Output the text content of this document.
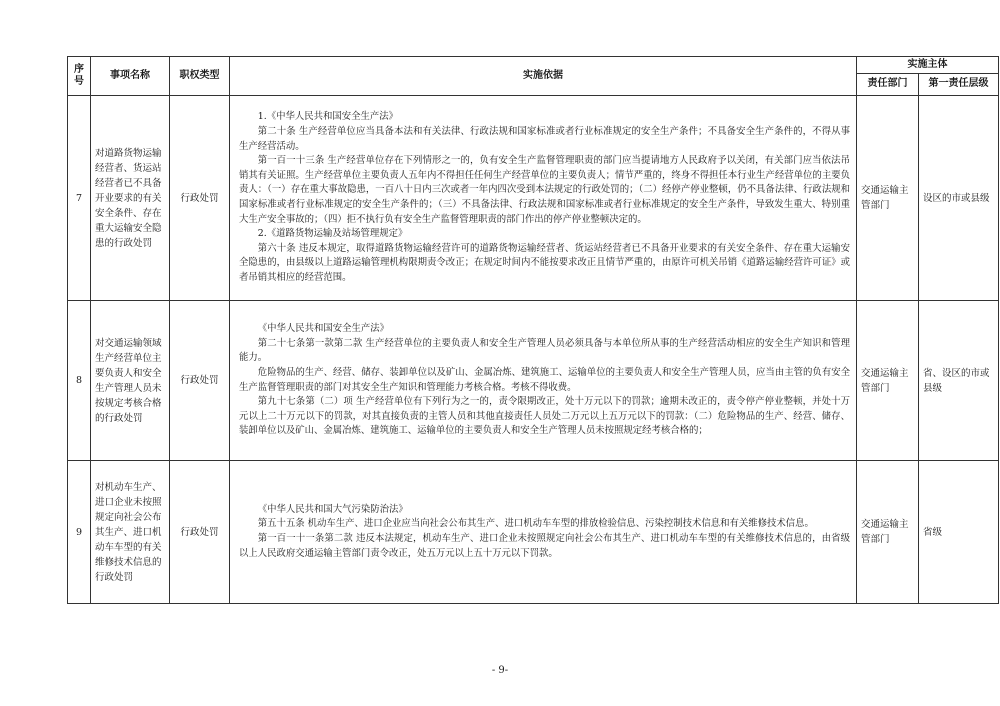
序
号	事项名称	职权类型	实施依据	实施主体	
				责任部门	第一责任层级
7	对道路货物运输经营者、货运站经营者已不具备开业要求的有关安全条件、存在重大运输安全隐患的行政处罚	行政处罚	1.《中华人民共和国安全生产法》

第二十条 生产经营单位应当具备本法和有关法律、行政法规和国家标准或者行业标准规定的安全生产条件；不具备安全生产条件的，不得从事生产经营活动。

第一百一十三条 生产经营单位存在下列情形之一的，负有安全生产监督管理职责的部门应当提请地方人民政府予以关闭，有关部门应当依法吊销其有关证照。生产经营单位主要负责人五年内不得担任任何生产经营单位的主要负责人；情节严重的，终身不得担任本行业生产经营单位的主要负责人：（一）存在重大事故隐患，一百八十日内三次或者一年内四次受到本法规定的行政处罚的；（二）经停产停业整顿，仍不具备法律、行政法规和国家标准或者行业标准规定的安全生产条件的；（三）不具备法律、行政法规和国家标准或者行业标准规定的安全生产条件，导致发生重大、特别重大生产安全事故的；（四）拒不执行负有安全生产监督管理职责的部门作出的停产停业整顿决定的。

2.《道路货物运输及站场管理规定》

第六十条 违反本规定，取得道路货物运输经营许可的道路货物运输经营者、货运站经营者已不具备开业要求的有关安全条件、存在重大运输安全隐患的，由县级以上道路运输管理机构限期责令改正；在规定时间内不能按要求改正且情节严重的，由原许可机关吊销《道路运输经营许可证》或者吊销其相应的经营范围。	交通运输主管部门	设区的市或县级
8	对交通运输领域生产经营单位主要负责人和安全生产管理人员未按规定考核合格的行政处罚	行政处罚	《中华人民共和国安全生产法》

第二十七条第一款第二款 生产经营单位的主要负责人和安全生产管理人员必须具备与本单位所从事的生产经营活动相应的安全生产知识和管理能力。

危险物品的生产、经营、储存、装卸单位以及矿山、金属冶炼、建筑施工、运输单位的主要负责人和安全生产管理人员，应当由主管的负有安全生产监督管理职责的部门对其安全生产知识和管理能力考核合格。考核不得收费。

第九十七条第（二）项 生产经营单位有下列行为之一的，责令限期改正，处十万元以下的罚款；逾期未改正的，责令停产停业整顿，并处十万元以上二十万元以下的罚款，对其直接负责的主管人员和其他直接责任人员处二万元以上五万元以下的罚款：（二）危险物品的生产、经营、储存、装卸单位以及矿山、金属冶炼、建筑施工、运输单位的主要负责人和安全生产管理人员未按照规定经考核合格的；	交通运输主管部门	省、设区的市或县级
9	对机动车生产、进口企业未按照规定向社会公布其生产、进口机动车车型的有关维修技术信息的行政处罚	行政处罚	《中华人民共和国大气污染防治法》

第五十五条 机动车生产、进口企业应当向社会公布其生产、进口机动车车型的排放检验信息、污染控制技术信息和有关维修技术信息。

第一百一十一条第二款 违反本法规定，机动车生产、进口企业未按照规定向社会公布其生产、进口机动车车型的有关维修技术信息的，由省级以上人民政府交通运输主管部门责令改正，处五万元以上五十万元以下罚款。	交通运输主管部门	省级
- 9-
